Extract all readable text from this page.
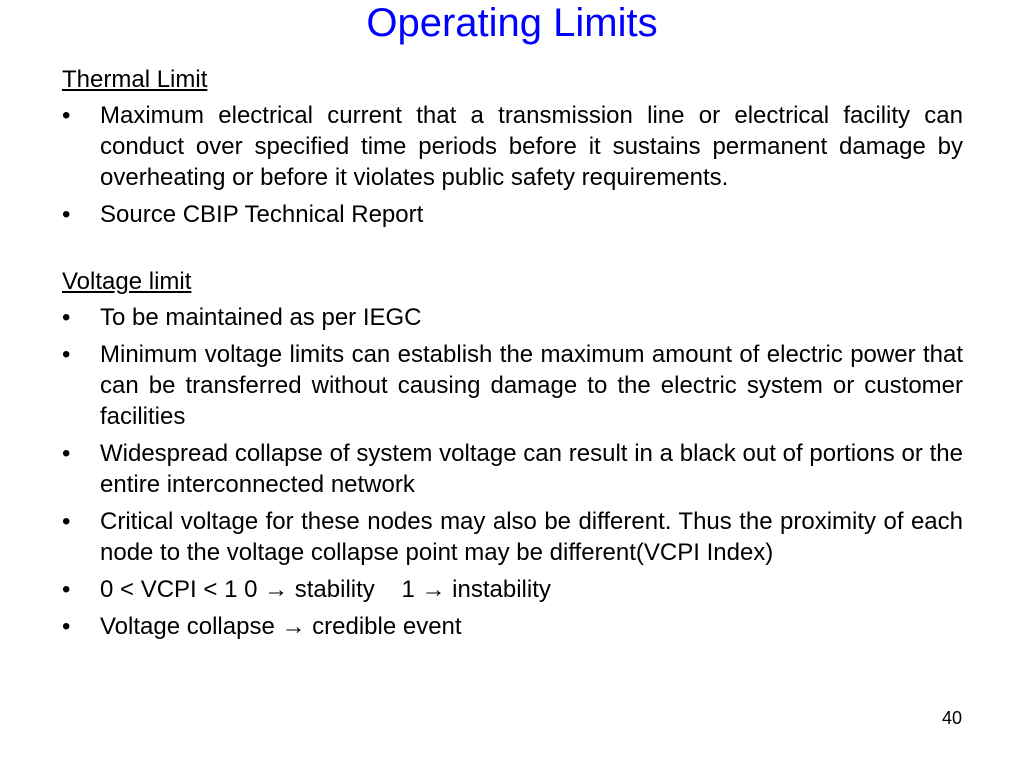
Operating Limits
Thermal Limit
•	Maximum electrical current that a transmission line or electrical facility can conduct over specified time periods before it sustains permanent damage by overheating or before it violates public safety requirements.
•	Source CBIP Technical Report
Voltage limit
•	To be maintained as per IEGC
•	Minimum voltage limits can establish the maximum amount of electric power that can be transferred without causing damage to the electric system or customer facilities
•	Widespread collapse of system voltage can result in a black out of portions or the entire interconnected network
•	Critical voltage for these nodes may also be different. Thus the proximity of each node to the voltage collapse point may be different(VCPI Index)
•	0 < VCPI < 1 0 → stability    1 → instability
•	Voltage collapse → credible event
40
